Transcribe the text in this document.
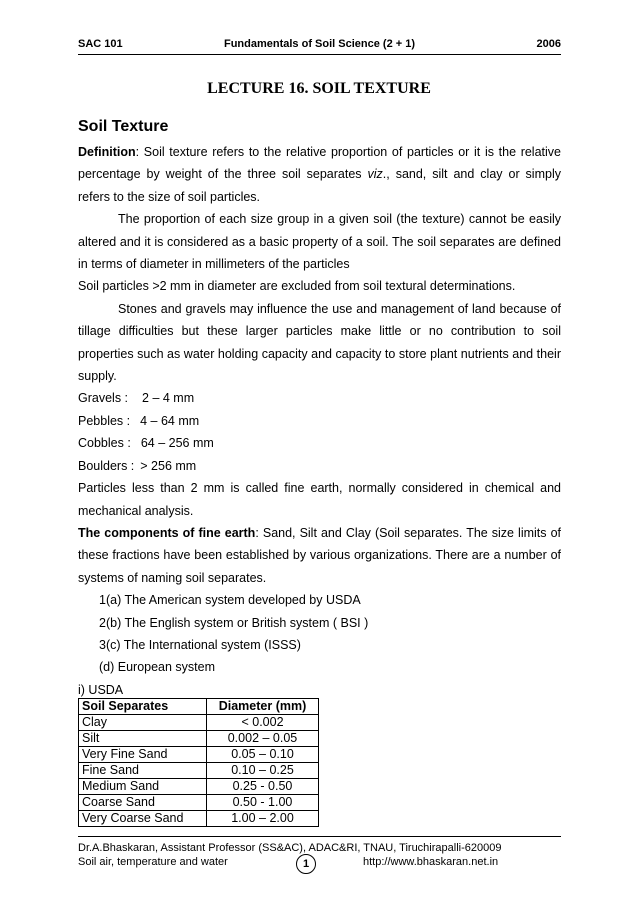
SAC 101	Fundamentals of Soil Science (2 + 1)	2006
LECTURE 16. SOIL TEXTURE
Soil Texture

Definition: Soil texture refers to the relative proportion of particles or it is the relative percentage by weight of the three soil separates viz., sand, silt and clay or simply refers to the size of soil particles.

The proportion of each size group in a given soil (the texture) cannot be easily altered and it is considered as a basic property of a soil. The soil separates are defined in terms of diameter in millimeters of the particles

Soil particles >2 mm in diameter are excluded from soil textural determinations.

Stones and gravels may influence the use and management of land because of tillage difficulties but these larger particles make little or no contribution to soil properties such as water holding capacity and capacity to store plant nutrients and their supply.

Gravels : 2 – 4 mm

Pebbles : 4 – 64 mm

Cobbles : 64 – 256 mm

Boulders : > 256 mm

Particles less than 2 mm is called fine earth, normally considered in chemical and mechanical analysis.

The components of fine earth: Sand, Silt and Clay (Soil separates. The size limits of these fractions have been established by various organizations. There are a number of systems of naming soil separates.

1(a) The American system developed by USDA

2(b) The English system or British system ( BSI )

3(c) The International system (ISSS)

(d) European system

i) USDA

Soil Separates	Diameter (mm)
Clay	< 0.002
Silt	0.002 – 0.05
Very Fine Sand	0.05 – 0.10
Fine Sand	0.10 – 0.25
Medium Sand	0.25 - 0.50
Coarse Sand	0.50 - 1.00
Very Coarse Sand	1.00 – 2.00
Dr.A.Bhaskaran, Assistant Professor (SS&AC), ADAC&RI, TNAU, Tiruchirapalli-620009
Soil air, temperature and water	1	http://www.bhaskaran.net.in
